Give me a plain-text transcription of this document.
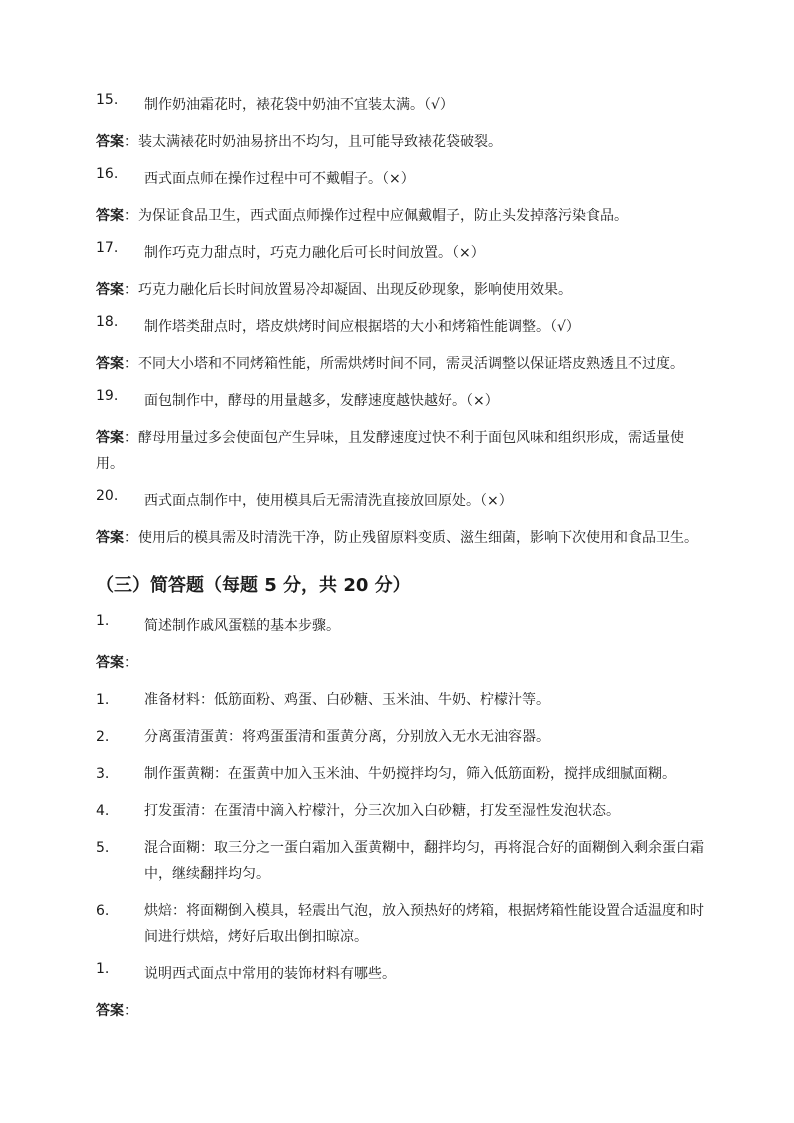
15.	制作奶油霜花时，裱花袋中奶油不宜装太满。（√）

答案：装太满裱花时奶油易挤出不均匀，且可能导致裱花袋破裂。

16.	西式面点师在操作过程中可不戴帽子。（×）

答案：为保证食品卫生，西式面点师操作过程中应佩戴帽子，防止头发掉落污染食品。

17.	制作巧克力甜点时，巧克力融化后可长时间放置。（×）

答案：巧克力融化后长时间放置易冷却凝固、出现反砂现象，影响使用效果。

18.	制作塔类甜点时，塔皮烘烤时间应根据塔的大小和烤箱性能调整。（√）

答案：不同大小塔和不同烤箱性能，所需烘烤时间不同，需灵活调整以保证塔皮熟透且不过度。

19.	面包制作中，酵母的用量越多，发酵速度越快越好。（×）

答案：酵母用量过多会使面包产生异味，且发酵速度过快不利于面包风味和组织形成，需适量使用。

20.	西式面点制作中，使用模具后无需清洗直接放回原处。（×）

答案：使用后的模具需及时清洗干净，防止残留原料变质、滋生细菌，影响下次使用和食品卫生。

（三）简答题（每题 5 分，共 20 分）
1.	简述制作戚风蛋糕的基本步骤。

答案：

1.	准备材料：低筋面粉、鸡蛋、白砂糖、玉米油、牛奶、柠檬汁等。
2.	分离蛋清蛋黄：将鸡蛋蛋清和蛋黄分离，分别放入无水无油容器。
3.	制作蛋黄糊：在蛋黄中加入玉米油、牛奶搅拌均匀，筛入低筋面粉，搅拌成细腻面糊。
4.	打发蛋清：在蛋清中滴入柠檬汁，分三次加入白砂糖，打发至湿性发泡状态。
5.	混合面糊：取三分之一蛋白霜加入蛋黄糊中，翻拌均匀，再将混合好的面糊倒入剩余蛋白霜中，继续翻拌均匀。
6.	烘焙：将面糊倒入模具，轻震出气泡，放入预热好的烤箱，根据烤箱性能设置合适温度和时间进行烘焙，烤好后取出倒扣晾凉。
1.	说明西式面点中常用的装饰材料有哪些。

答案：
